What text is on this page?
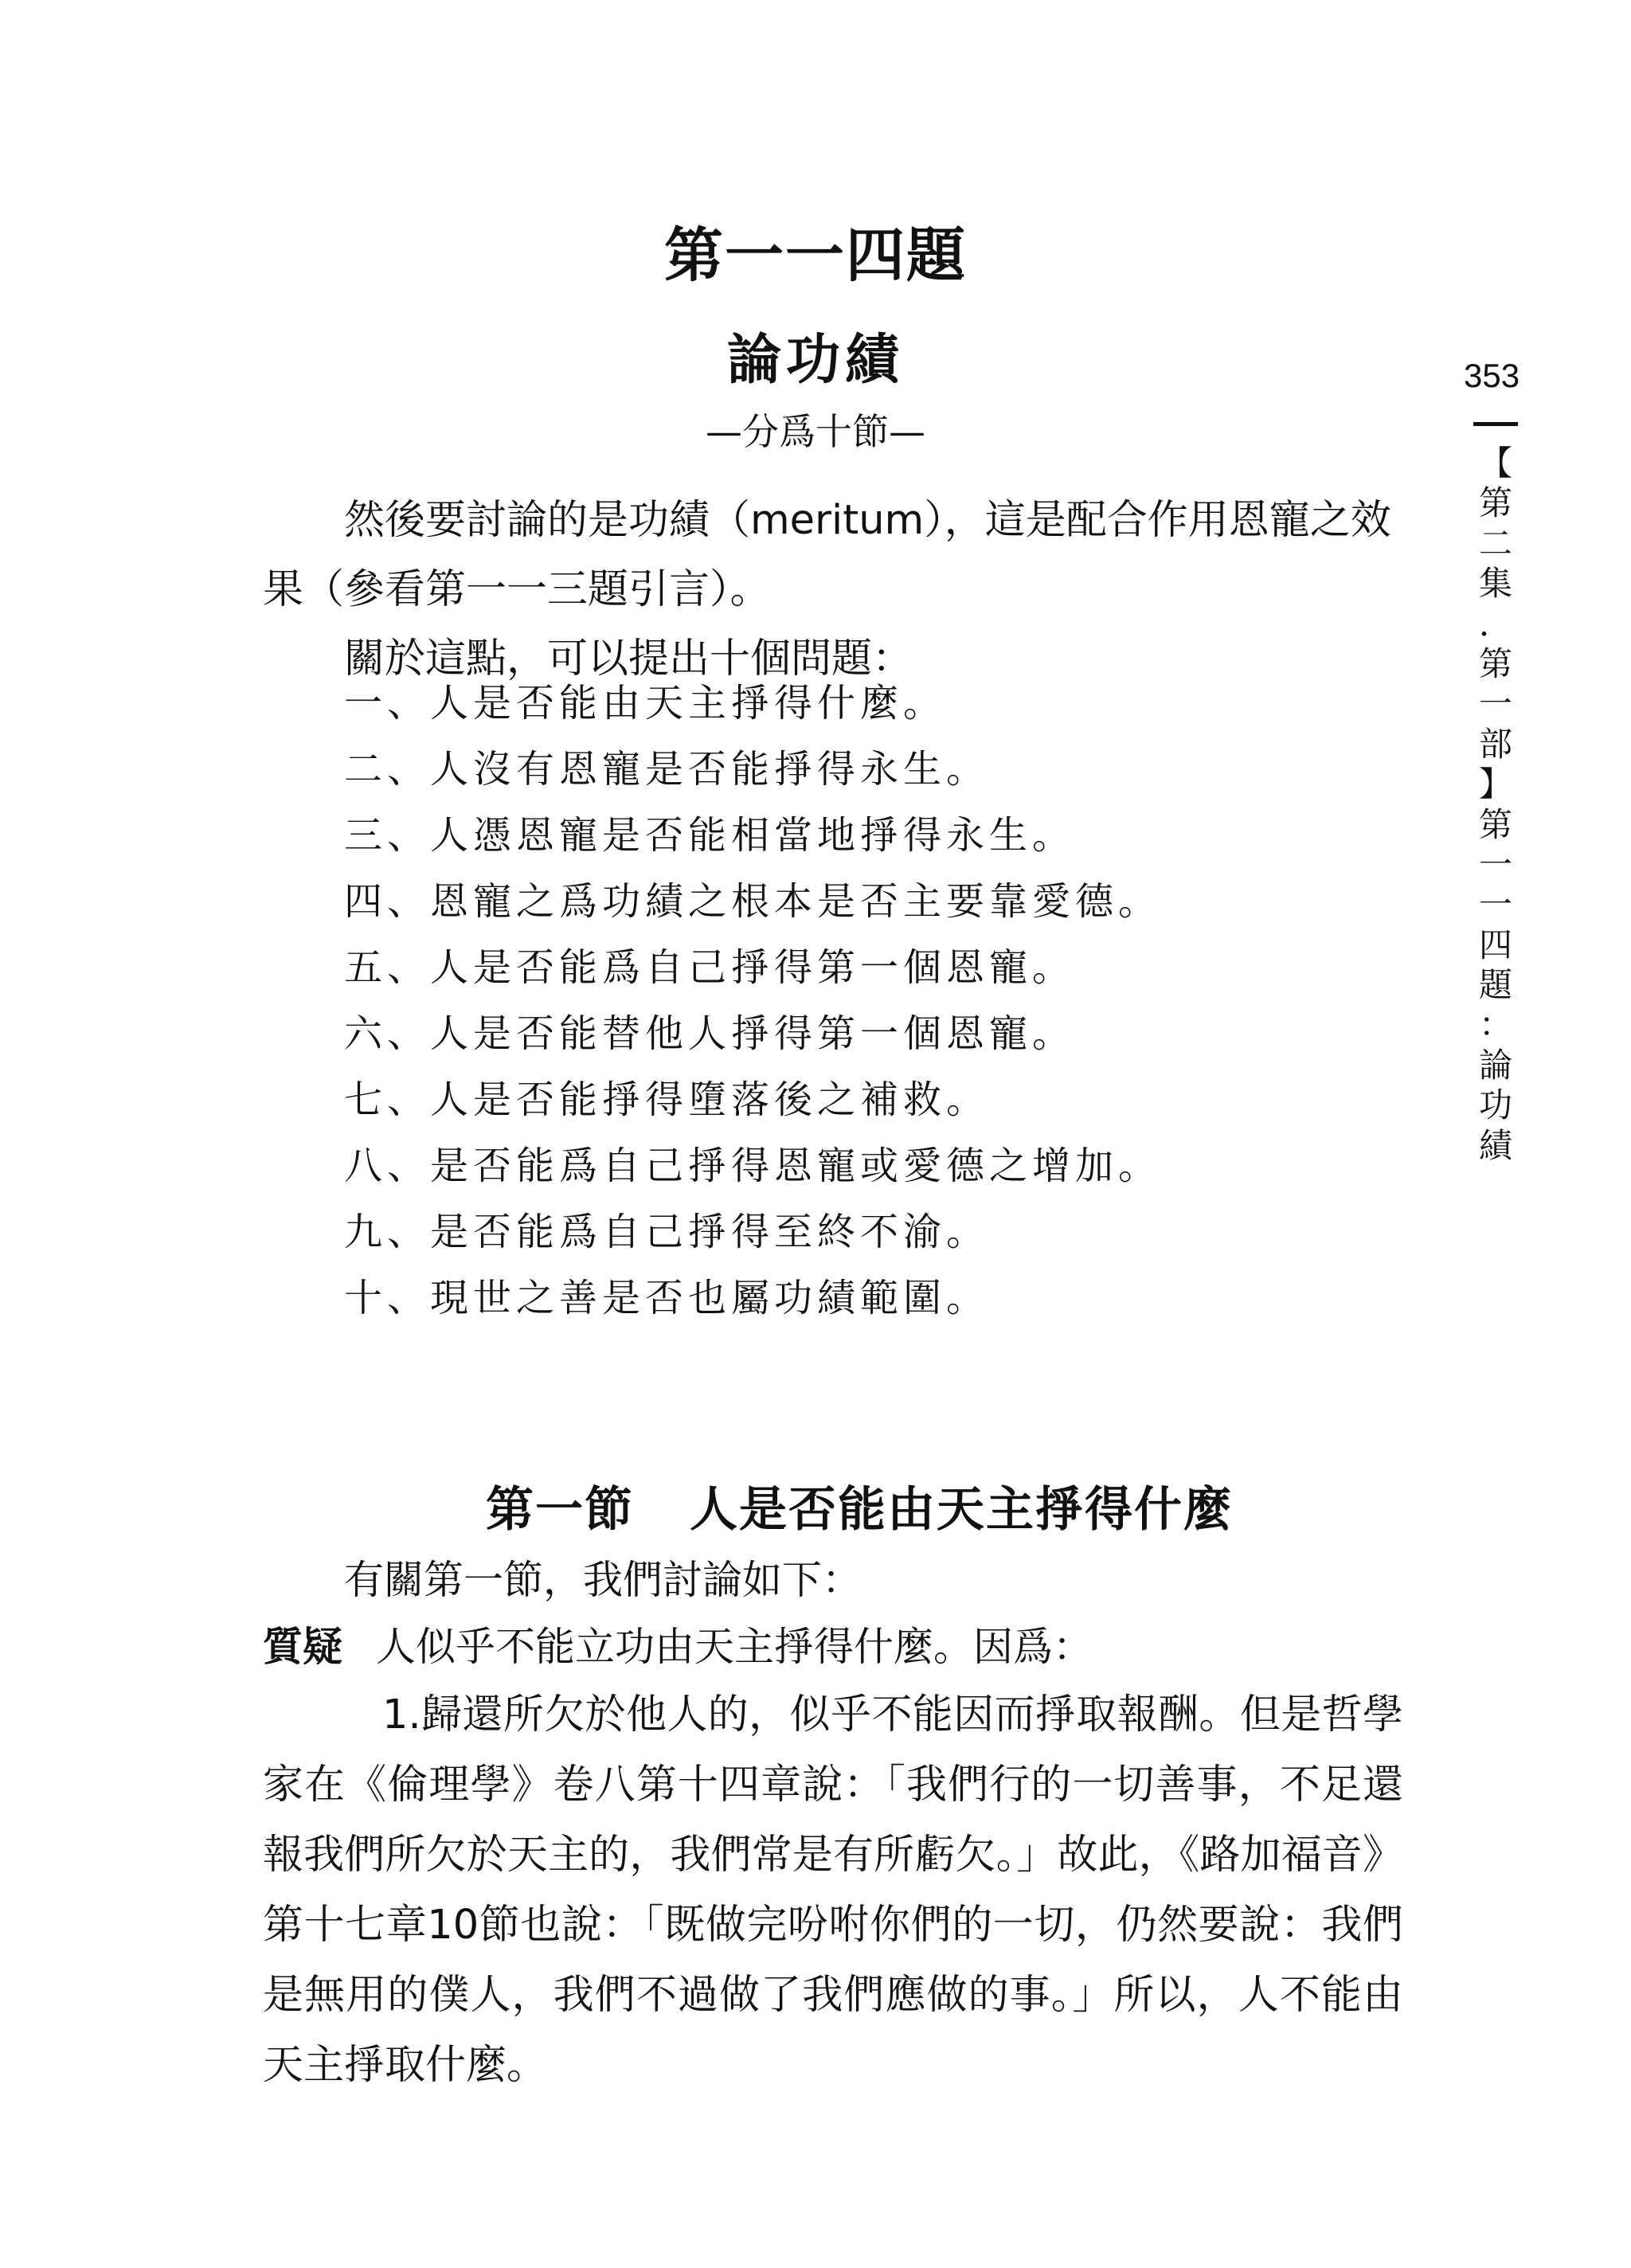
第一一四題
論功績
—分爲十節—
353
【
第
二
集
．
第
一
部
】
第
一
一
四
題
：
論
功
績

然後要討論的是功績（meritum），這是配合作用恩寵之效果（參看第一一三題引言）。

關於這點，可以提出十個問題：

一、人是否能由天主掙得什麼。
二、人沒有恩寵是否能掙得永生。
三、人憑恩寵是否能相當地掙得永生。
四、恩寵之爲功績之根本是否主要靠愛德。
五、人是否能爲自己掙得第一個恩寵。
六、人是否能替他人掙得第一個恩寵。
七、人是否能掙得墮落後之補救。
八、是否能爲自己掙得恩寵或愛德之增加。
九、是否能爲自己掙得至終不渝。
十、現世之善是否也屬功績範圍。
第一節 人是否能由天主掙得什麼
有關第一節，我們討論如下：
質疑 人似乎不能立功由天主掙得什麼。因爲：

1.歸還所欠於他人的，似乎不能因而掙取報酬。但是哲學家在《倫理學》卷八第十四章說：「我們行的一切善事，不足還報我們所欠於天主的，我們常是有所虧欠。」故此，《路加福音》第十七章10節也說：「既做完吩咐你們的一切，仍然要說：我們是無用的僕人，我們不過做了我們應做的事。」所以，人不能由天主掙取什麼。
